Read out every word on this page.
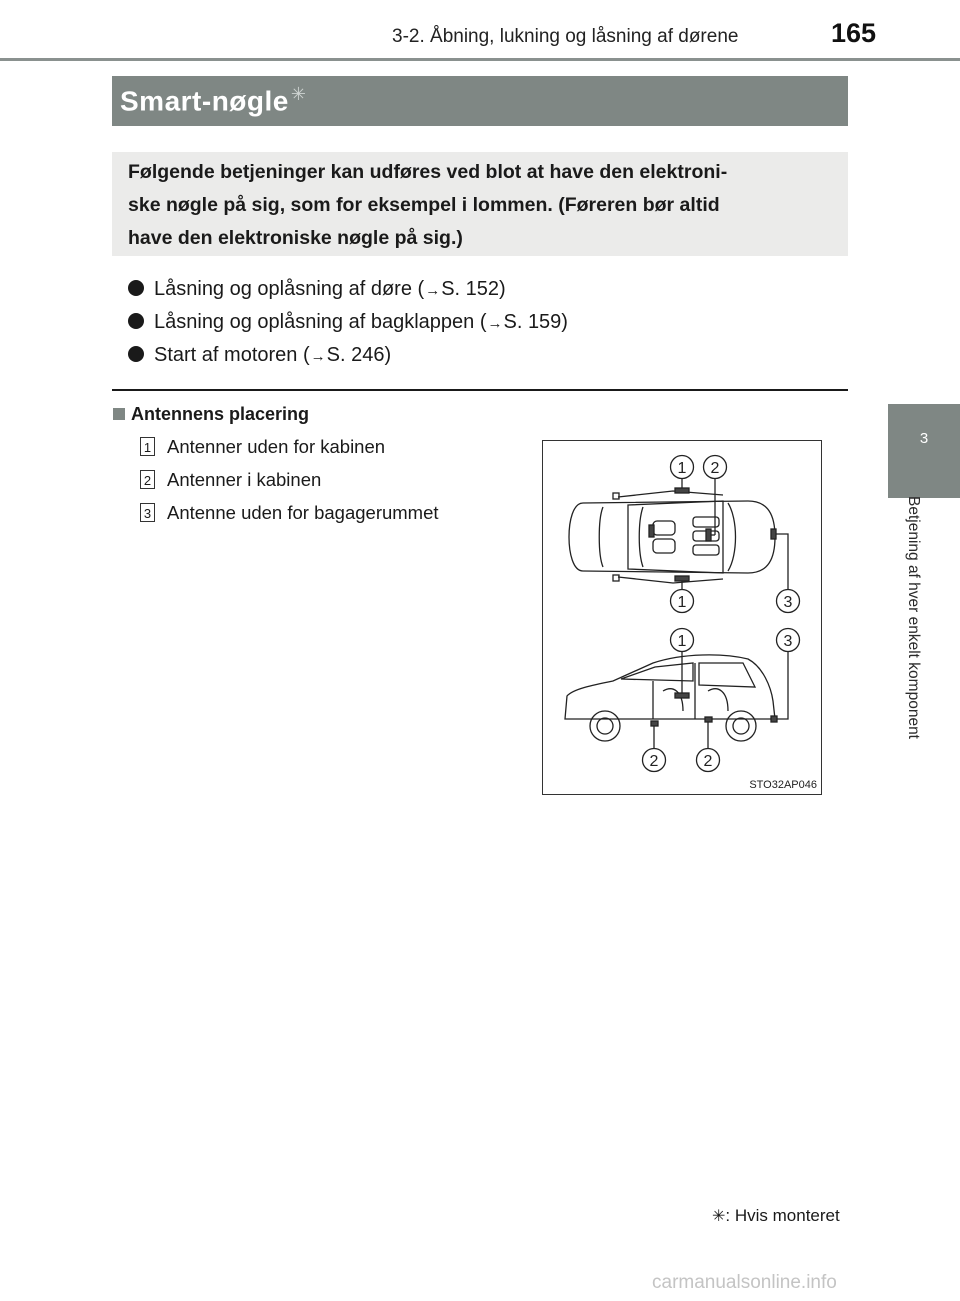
3-2. Åbning, lukning og låsning af dørene	165
3
Betjening af hver enkelt komponent
Smart-nøgle ✳
Følgende betjeninger kan udføres ved blot at have den elektroni-
ske nøgle på sig, som for eksempel i lommen. (Føreren bør altid
have den elektroniske nøgle på sig.)
Låsning og oplåsning af døre (→S. 152)
Låsning og oplåsning af bagklappen (→S. 159)
Start af motoren (→S. 246)
Antennens placering
1 Antenner uden for kabinen
2 Antenner i kabinen
3 Antenne uden for bagagerummet
1 2
1	3
1	3
2	2
STO32AP046
✳: Hvis monteret
carmanualsonline.info
